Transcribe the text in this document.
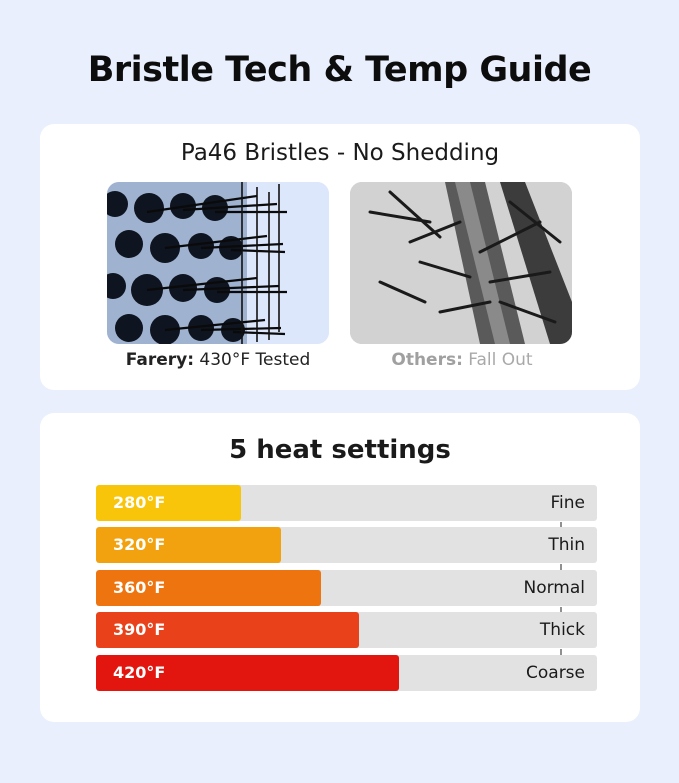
Bristle Tech & Temp Guide
Pa46 Bristles - No Shedding
Farery: 430°F Tested	Others: Fall Out
5 heat settings
280°F	Fine
320°F	Thin
360°F	Normal
390°F	Thick
420°F	Coarse
